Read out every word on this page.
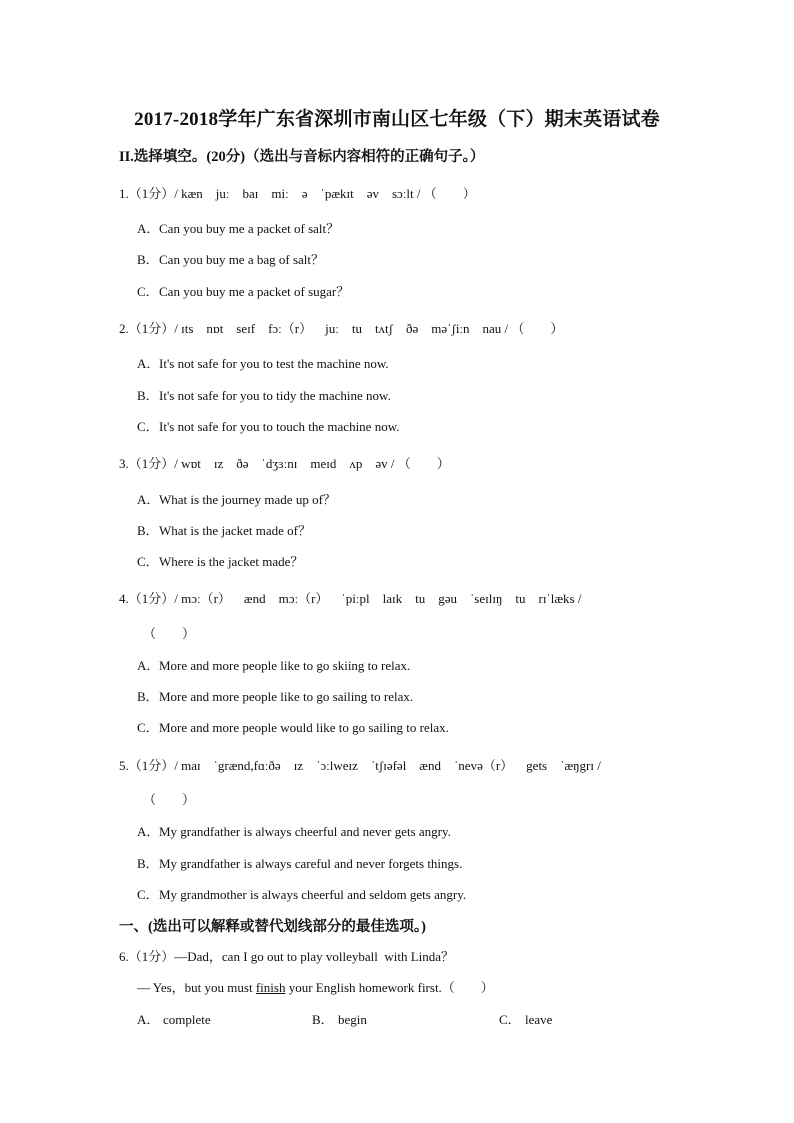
2017-2018学年广东省深圳市南山区七年级（下）期末英语试卷
II.选择填空。(20分)（选出与音标内容相符的正确句子。）
1.（1分）/ kæn    juː    baɪ    miː    ə    ˈpækɪt    əv    sɔːlt / （　　）
A．Can you buy me a packet of salt？
B．Can you buy me a bag of salt？
C．Can you buy me a packet of sugar？
2.（1分）/ ɪts    nɒt    seɪf    fɔː（r）    juː    tu    tʌtʃ    ðə    məˈʃiːn    nau / （　　）
A．It's not safe for you to test the machine now.
B．It's not safe for you to tidy the machine now.
C．It's not safe for you to touch the machine now.
3.（1分）/ wɒt    ɪz    ðə    ˈdʒɜːnɪ    meɪd    ʌp    əv / （　　）
A．What is the journey made up of？
B．What is the jacket made of？
C．Where is the jacket made？
4.（1分）/ mɔː（r）    ænd    mɔː（r）    ˈpiːpl    laɪk    tu    gəu    ˈseɪlɪŋ    tu    rɪˈlæks /
（　　）
A．More and more people like to go skiing to relax.
B．More and more people like to go sailing to relax.
C．More and more people would like to go sailing to relax.
5.（1分）/ maɪ    ˈgrænd,fɑːðə    ɪz    ˈɔːlweɪz    ˈtʃɪəfəl    ænd    ˈnevə（r）    gets    ˈæŋgrɪ /
（　　）
A．My grandfather is always cheerful and never gets angry.
B．My grandfather is always careful and never forgets things.
C．My grandmother is always cheerful and seldom gets angry.
一、(选出可以解释或替代划线部分的最佳选项。)
6.（1分）—Dad，can I go out to play volleyball  with Linda？
— Yes，but you must finish your English homework first.（　　）
A． complete	B． begin	C． leave
